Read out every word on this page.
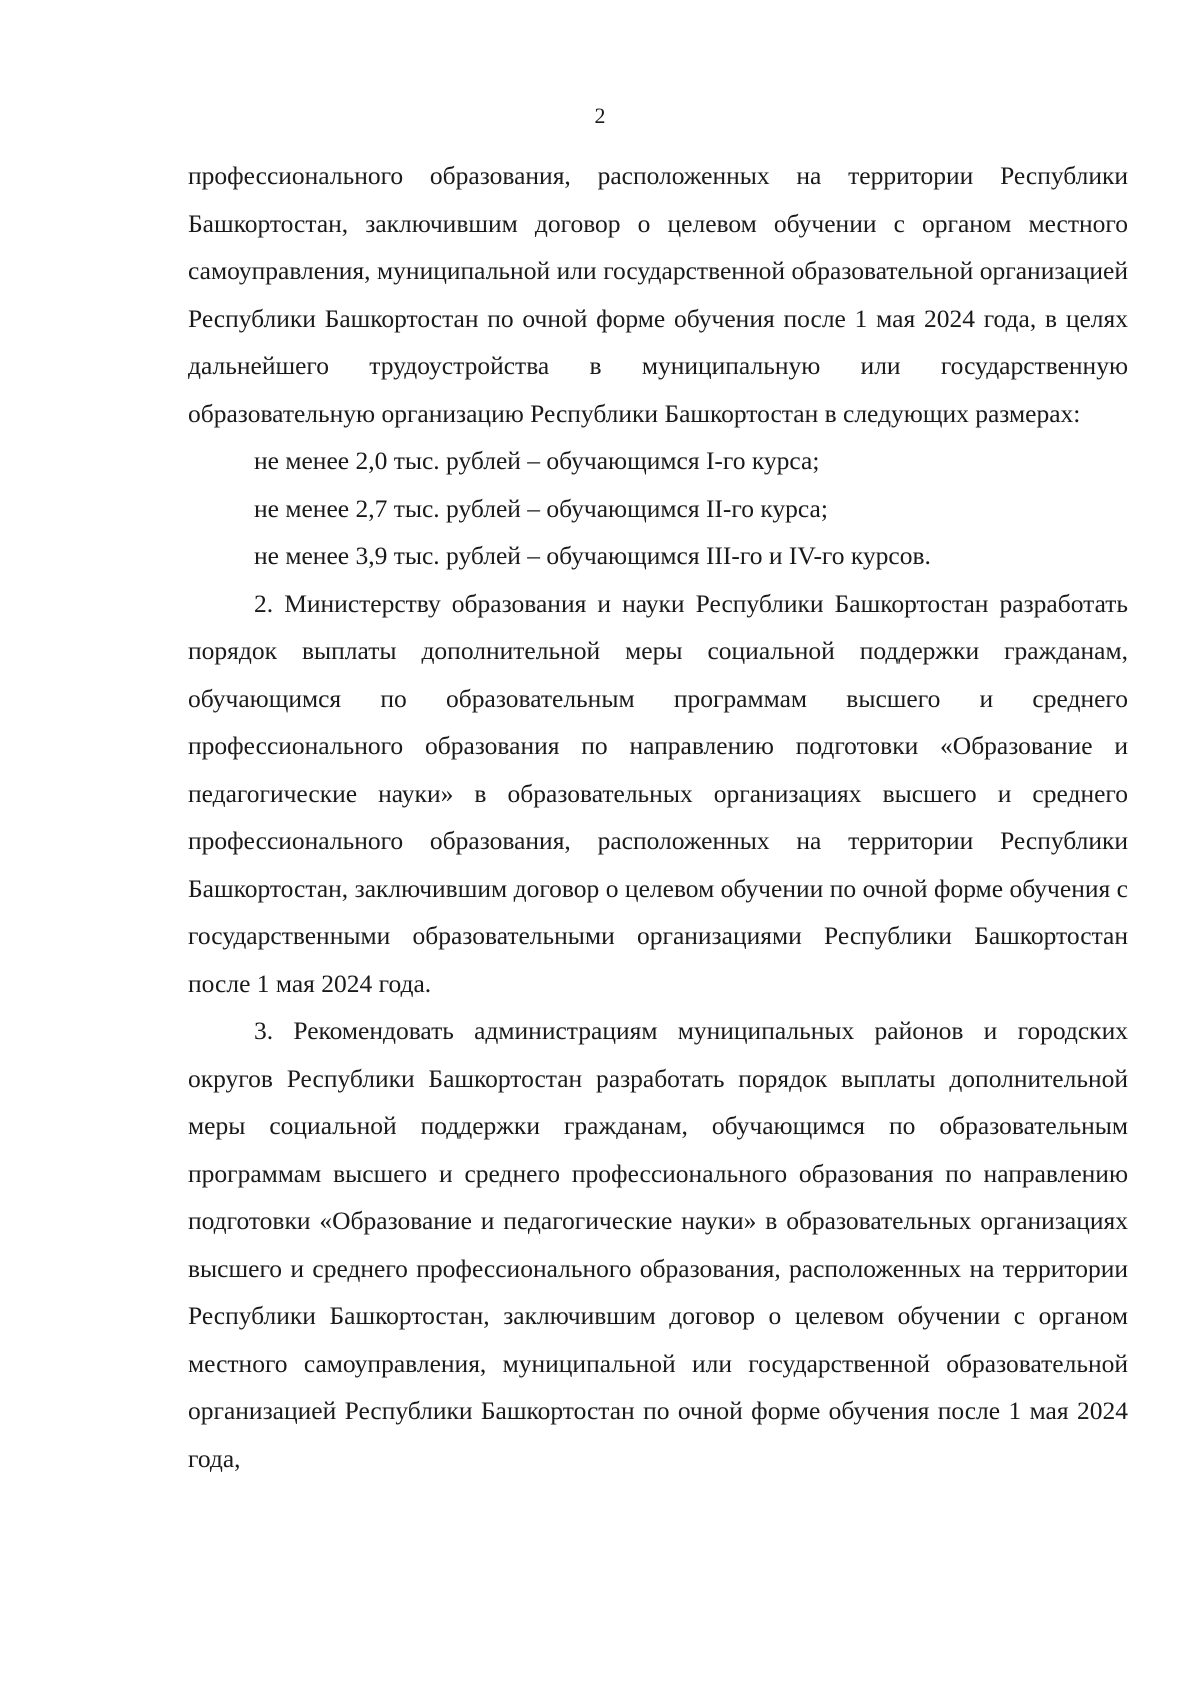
2

профессионального образования, расположенных на территории Республики Башкортостан, заключившим договор о целевом обучении с органом местного самоуправления, муниципальной или государственной образовательной организацией Республики Башкортостан по очной форме обучения после 1 мая 2024 года, в целях дальнейшего трудоустройства в муниципальную или государственную образовательную организацию Республики Башкортостан в следующих размерах:

не менее 2,0 тыс. рублей – обучающимся I-го курса;

не менее 2,7 тыс. рублей – обучающимся II-го курса;

не менее 3,9 тыс. рублей – обучающимся III-го и IV-го курсов.

2. Министерству образования и науки Республики Башкортостан разработать порядок выплаты дополнительной меры социальной поддержки гражданам, обучающимся по образовательным программам высшего и среднего профессионального образования по направлению подготовки «Образование и педагогические науки» в образовательных организациях высшего и среднего профессионального образования, расположенных на территории Республики Башкортостан, заключившим договор о целевом обучении по очной форме обучения с государственными образовательными организациями Республики Башкортостан после 1 мая 2024 года.

3. Рекомендовать администрациям муниципальных районов и городских округов Республики Башкортостан разработать порядок выплаты дополнительной меры социальной поддержки гражданам, обучающимся по образовательным программам высшего и среднего профессионального образования по направлению подготовки «Образование и педагогические науки» в образовательных организациях высшего и среднего профессионального образования, расположенных на территории Республики Башкортостан, заключившим договор о целевом обучении с органом местного самоуправления, муниципальной или государственной образовательной организацией Республики Башкортостан по очной форме обучения после 1 мая 2024 года,
